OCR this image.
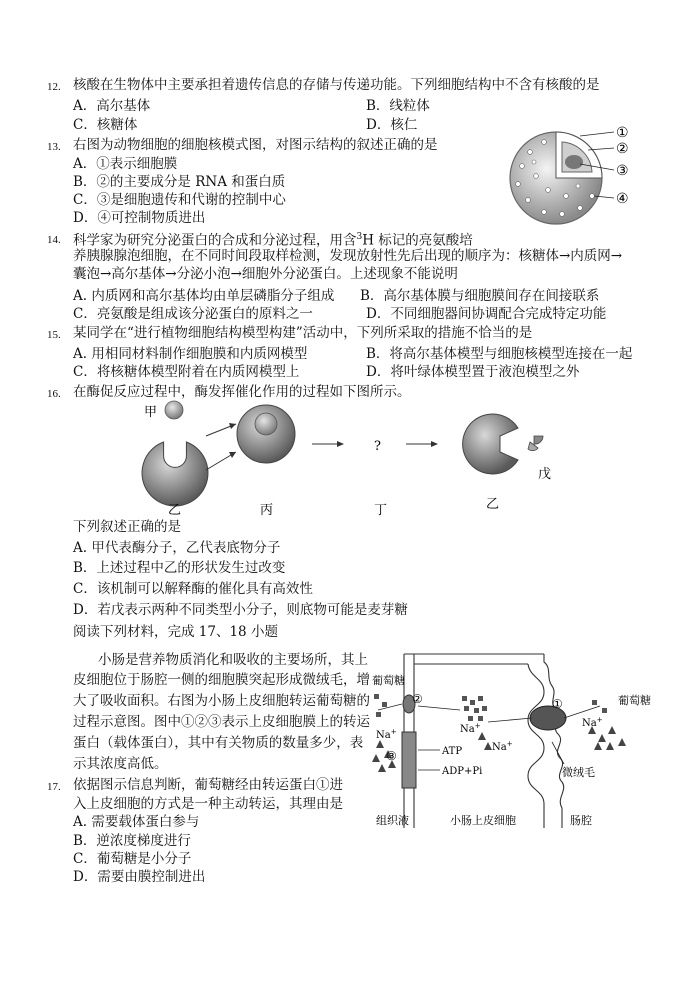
12. 核酸在生物体中主要承担着遗传信息的存储与传递功能。下列细胞结构中不含有核酸的是
A．高尔基体	B．线粒体
C．核糖体	D．核仁
13. 右图为动物细胞的细胞核模式图，对图示结构的叙述正确的是
A．①表示细胞膜
B．②的主要成分是 RNA 和蛋白质
C．③是细胞遗传和代谢的控制中心
D．④可控制物质进出
①
②
③
④
14. 科学家为研究分泌蛋白的合成和分泌过程，用含$^3$H 标记的亮氨酸培
养胰腺腺泡细胞，在不同时间段取样检测，发现放射性先后出现的顺序为：核糖体→内质网→
囊泡→高尔基体→分泌小泡→细胞外分泌蛋白。上述现象不能说明
A. 内质网和高尔基体均由单层磷脂分子组成 B．高尔基体膜与细胞膜间存在间接联系
C．亮氨酸是组成该分泌蛋白的原料之一	D．不同细胞器间协调配合完成特定功能
15. 某同学在“进行植物细胞结构模型构建”活动中，下列所采取的措施不恰当的是
A. 用相同材料制作细胞膜和内质网模型	B．将高尔基体模型与细胞核模型连接在一起
C．将核糖体模型附着在内质网模型上	D．将叶绿体模型置于液泡模型之外
16. 在酶促反应过程中，酶发挥催化作用的过程如下图所示。
甲
乙	丙
?
丁	乙
戊
下列叙述正确的是
A. 甲代表酶分子，乙代表底物分子
B．上述过程中乙的形状发生过改变
C．该机制可以解释酶的催化具有高效性
D．若戊表示两种不同类型小分子，则底物可能是麦芽糖
阅读下列材料，完成 17、18 小题
小肠是营养物质消化和吸收的主要场所，其上
皮细胞位于肠腔一侧的细胞膜突起形成微绒毛，增
大了吸收面积。右图为小肠上皮细胞转运葡萄糖的
过程示意图。图中①②③表示上皮细胞膜上的转运
蛋白（载体蛋白），其中有关物质的数量多少，表
示其浓度高低。
葡萄糖
葡萄糖
②	①
③
Na+	Na+
Na+
Na+
ATP
ADP+Pi	微绒毛
组织液	小肠上皮细胞	肠腔
17. 依据图示信息判断，葡萄糖经由转运蛋白①进
入上皮细胞的方式是一种主动转运，其理由是
A. 需要载体蛋白参与
B．逆浓度梯度进行
C．葡萄糖是小分子
D．需要由膜控制进出
